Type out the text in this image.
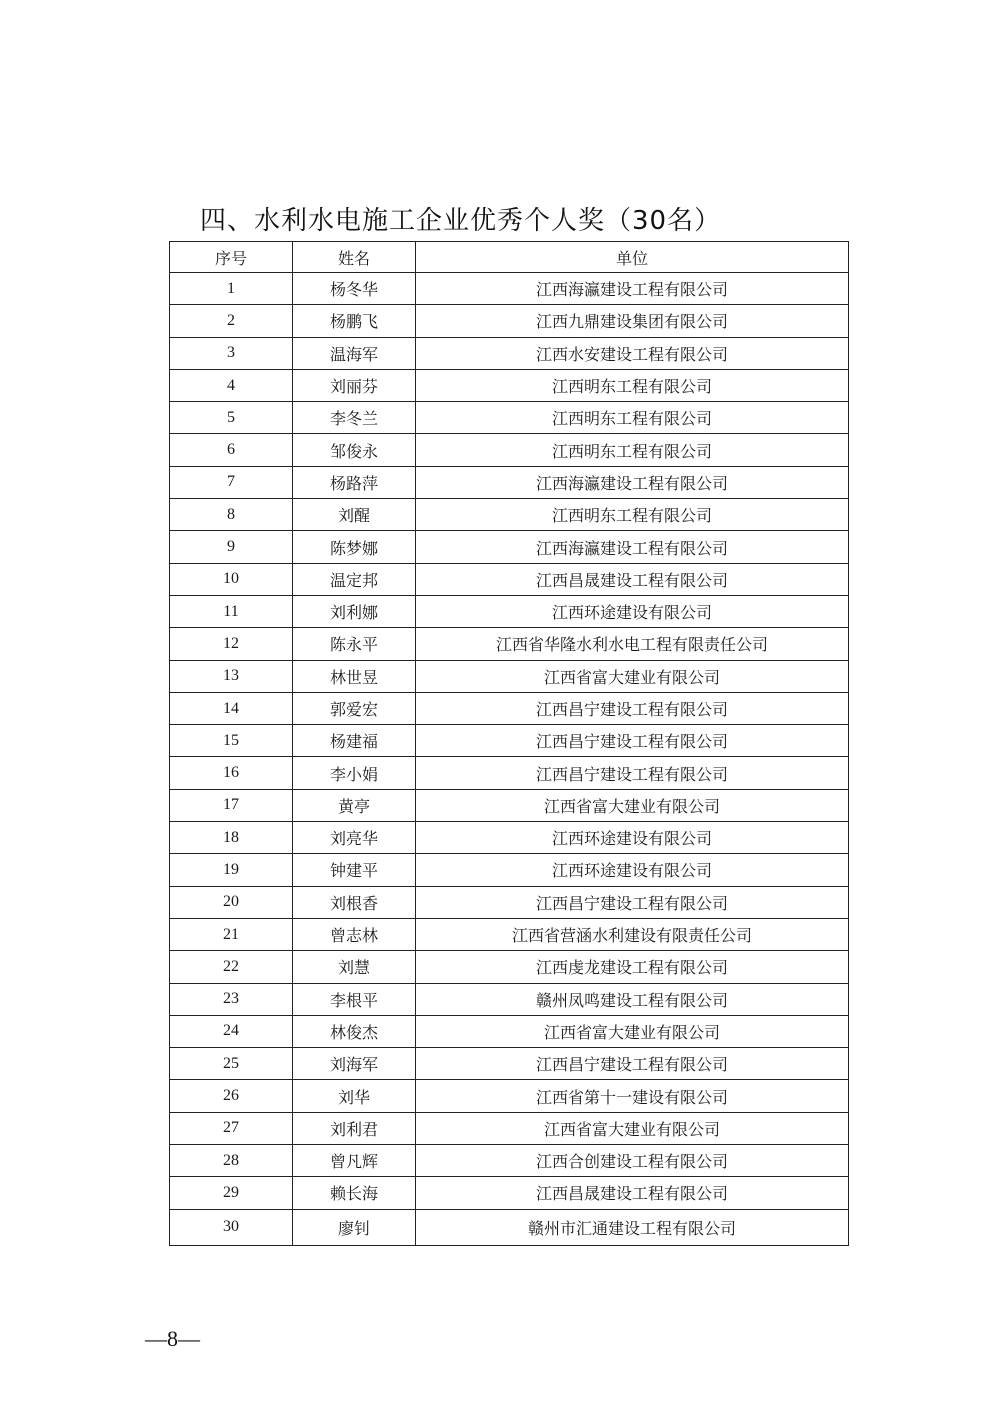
四、水利水电施工企业优秀个人奖（30名）
序号	姓名	单位
1	杨冬华	江西海瀛建设工程有限公司
2	杨鹏飞	江西九鼎建设集团有限公司
3	温海军	江西水安建设工程有限公司
4	刘丽芬	江西明东工程有限公司
5	李冬兰	江西明东工程有限公司
6	邹俊永	江西明东工程有限公司
7	杨路萍	江西海瀛建设工程有限公司
8	刘醒	江西明东工程有限公司
9	陈梦娜	江西海瀛建设工程有限公司
10	温定邦	江西昌晟建设工程有限公司
11	刘利娜	江西环途建设有限公司
12	陈永平	江西省华隆水利水电工程有限责任公司
13	林世昱	江西省富大建业有限公司
14	郭爱宏	江西昌宁建设工程有限公司
15	杨建福	江西昌宁建设工程有限公司
16	李小娟	江西昌宁建设工程有限公司
17	黄亭	江西省富大建业有限公司
18	刘亮华	江西环途建设有限公司
19	钟建平	江西环途建设有限公司
20	刘根香	江西昌宁建设工程有限公司
21	曾志林	江西省营涵水利建设有限责任公司
22	刘慧	江西虔龙建设工程有限公司
23	李根平	赣州凤鸣建设工程有限公司
24	林俊杰	江西省富大建业有限公司
25	刘海军	江西昌宁建设工程有限公司
26	刘华	江西省第十一建设有限公司
27	刘利君	江西省富大建业有限公司
28	曾凡辉	江西合创建设工程有限公司
29	赖长海	江西昌晟建设工程有限公司
30	廖钊	赣州市汇通建设工程有限公司
—8—
